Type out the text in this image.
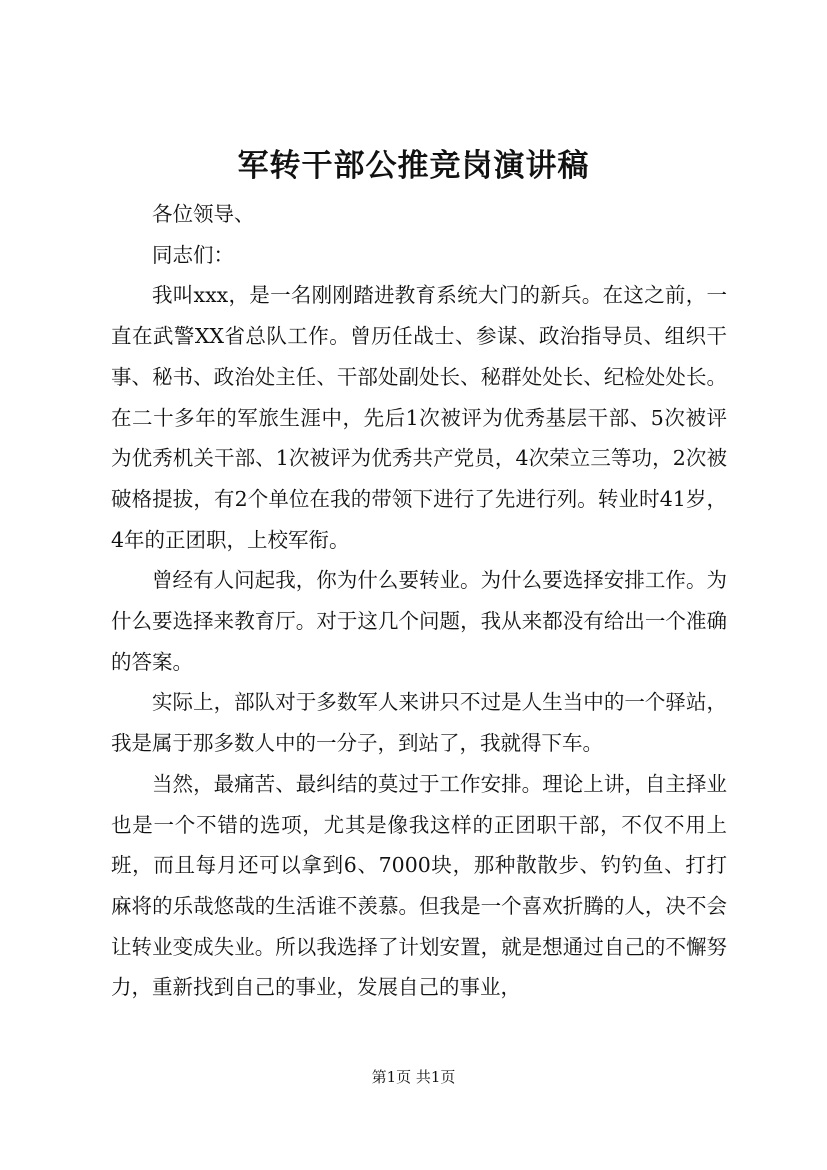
军转干部公推竞岗演讲稿

各位领导、

同志们：

我叫xxx，是一名刚刚踏进教育系统大门的新兵。在这之前，一直在武警XX省总队工作。曾历任战士、参谋、政治指导员、组织干事、秘书、政治处主任、干部处副处长、秘群处处长、纪检处处长。在二十多年的军旅生涯中，先后1次被评为优秀基层干部、5次被评为优秀机关干部、1次被评为优秀共产党员，4次荣立三等功，2次被破格提拔，有2个单位在我的带领下进行了先进行列。转业时41岁，4年的正团职，上校军衔。

曾经有人问起我，你为什么要转业。为什么要选择安排工作。为什么要选择来教育厅。对于这几个问题，我从来都没有给出一个准确的答案。

实际上，部队对于多数军人来讲只不过是人生当中的一个驿站，我是属于那多数人中的一分子，到站了，我就得下车。

当然，最痛苦、最纠结的莫过于工作安排。理论上讲，自主择业也是一个不错的选项，尤其是像我这样的正团职干部，不仅不用上班，而且每月还可以拿到6、7000块，那种散散步、钓钓鱼、打打麻将的乐哉悠哉的生活谁不羡慕。但我是一个喜欢折腾的人，决不会让转业变成失业。所以我选择了计划安置，就是想通过自己的不懈努力，重新找到自己的事业，发展自己的事业，

第1页 共1页
